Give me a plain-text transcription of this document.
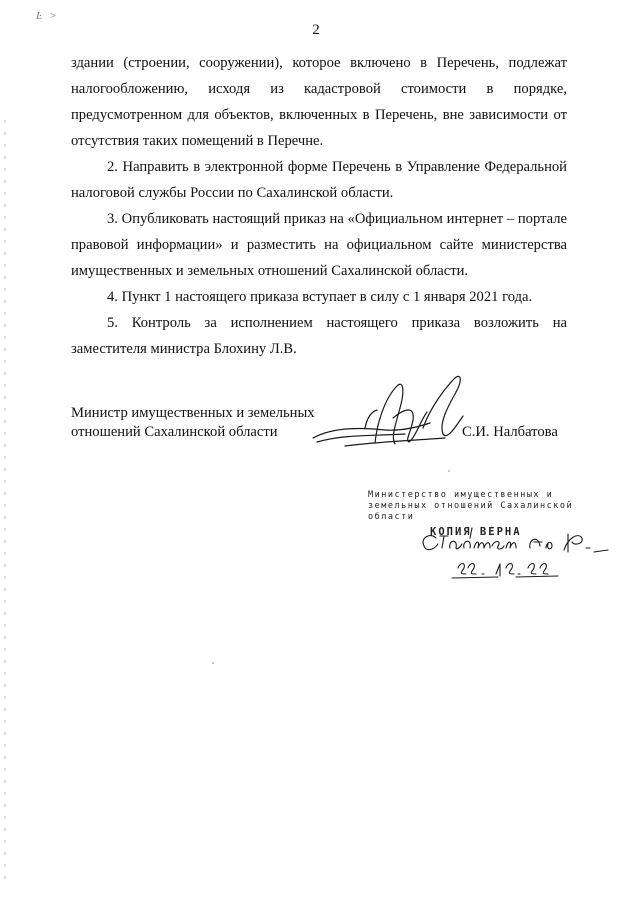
Ŀ ˃
2

здании (строении, сооружении), которое включено в Перечень, подлежат налогообложению, исходя из кадастровой стоимости в порядке, предусмотренном для объектов, включенных в Перечень, вне зависимости от отсутствия таких помещений в Перечне.

2. Направить в электронной форме Перечень в Управление Федеральной налоговой службы России по Сахалинской области.

3. Опубликовать настоящий приказ на «Официальном интернет – портале правовой информации» и разместить на официальном сайте министерства имущественных и земельных отношений Сахалинской области.

4. Пункт 1 настоящего приказа вступает в силу с 1 января 2021 года.

5. Контроль за исполнением настоящего приказа возложить на заместителя министра Блохину Л.В.

Министр имущественных и земельных
отношений Сахалинской области	С.И. Налбатова
Министерство имущественных и
земельных отношений Сахалинской
области
КОПИЯ ВЕРНА
